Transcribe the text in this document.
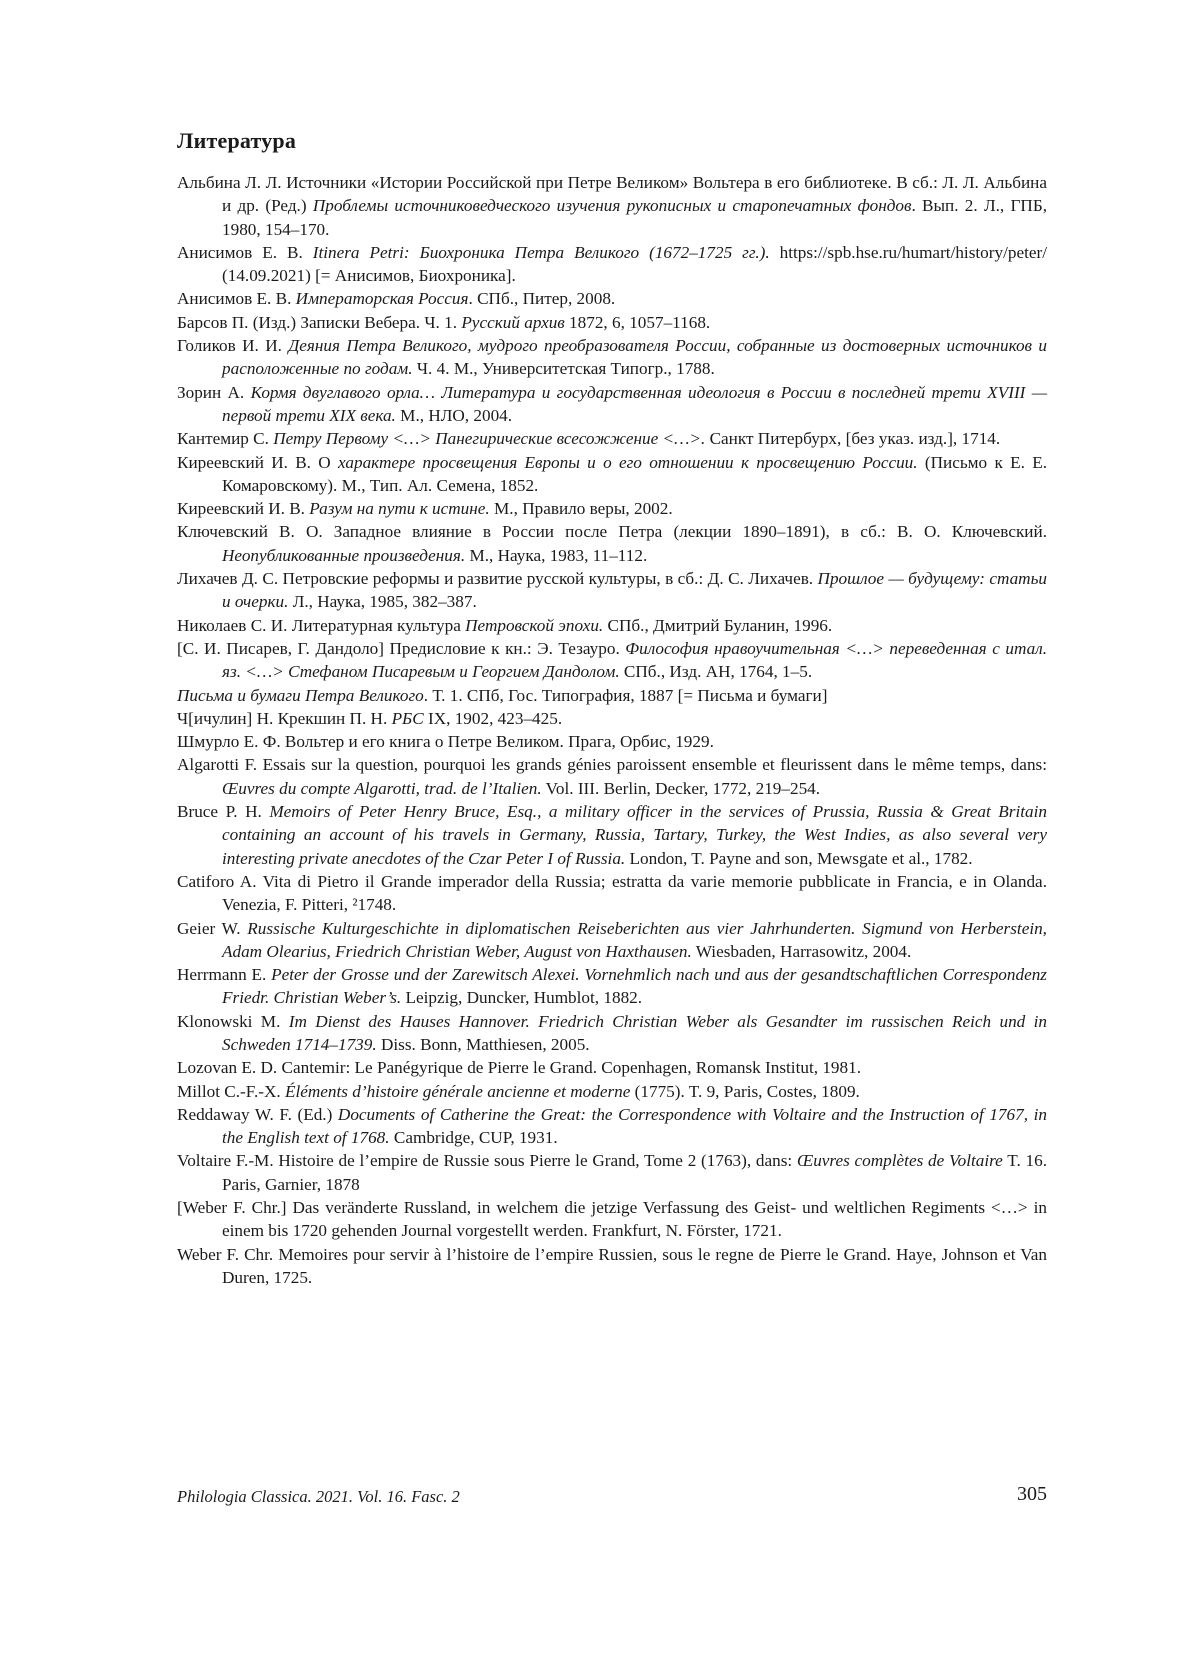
Литература
Альбина Л. Л. Источники «Истории Российской при Петре Великом» Вольтера в его библиотеке. В сб.: Л. Л. Альбина и др. (Ред.) Проблемы источниковедческого изучения рукописных и старопечатных фондов. Вып. 2. Л., ГПБ, 1980, 154–170.
Анисимов Е. В. Itinera Petri: Биохроника Петра Великого (1672–1725 гг.). https://spb.hse.ru/humart/history/peter/ (14.09.2021) [= Анисимов, Биохроника].
Анисимов Е. В. Императорская Россия. СПб., Питер, 2008.
Барсов П. (Изд.) Записки Вебера. Ч. 1. Русский архив 1872, 6, 1057–1168.
Голиков И. И. Деяния Петра Великого, мудрого преобразователя России, собранные из достоверных источников и расположенные по годам. Ч. 4. М., Университетская Типогр., 1788.
Зорин А. Кормя двуглавого орла… Литература и государственная идеология в России в последней трети XVIII — первой трети XIX века. М., НЛО, 2004.
Кантемир С. Петру Первому <…> Панегирические всесожжение <…>. Санкт Питербурх, [без указ. изд.], 1714.
Киреевский И. В. О характере просвещения Европы и о его отношении к просвещению России. (Письмо к Е. Е. Комаровскому). М., Тип. Ал. Семена, 1852.
Киреевский И. В. Разум на пути к истине. М., Правило веры, 2002.
Ключевский В. О. Западное влияние в России после Петра (лекции 1890–1891), в сб.: В. О. Ключевский. Неопубликованные произведения. М., Наука, 1983, 11–112.
Лихачев Д. С. Петровские реформы и развитие русской культуры, в сб.: Д. С. Лихачев. Прошлое — будущему: статьи и очерки. Л., Наука, 1985, 382–387.
Николаев С. И. Литературная культура Петровской эпохи. СПб., Дмитрий Буланин, 1996.
[С. И. Писарев, Г. Дандоло] Предисловие к кн.: Э. Тезауро. Философия нравоучительная <…> переведенная с итал. яз. <…> Стефаном Писаревым и Георгием Дандолом. СПб., Изд. АН, 1764, 1–5.
Письма и бумаги Петра Великого. Т. 1. СПб, Гос. Типография, 1887 [= Письма и бумаги]
Ч[ичулин] Н. Крекшин П. Н. РБС IX, 1902, 423–425.
Шмурло Е. Ф. Вольтер и его книга о Петре Великом. Прага, Орбис, 1929.
Algarotti F. Essais sur la question, pourquoi les grands génies paroissent ensemble et fleurissent dans le même temps, dans: Œuvres du compte Algarotti, trad. de l’Italien. Vol. III. Berlin, Decker, 1772, 219–254.
Bruce P. H. Memoirs of Peter Henry Bruce, Esq., a military officer in the services of Prussia, Russia & Great Britain containing an account of his travels in Germany, Russia, Tartary, Turkey, the West Indies, as also several very interesting private anecdotes of the Czar Peter I of Russia. London, T. Payne and son, Mewsgate et al., 1782.
Catiforo A. Vita di Pietro il Grande imperador della Russia; estratta da varie memorie pubblicate in Francia, e in Olanda. Venezia, F. Pitteri, ²1748.
Geier W. Russische Kulturgeschichte in diplomatischen Reiseberichten aus vier Jahrhunderten. Sigmund von Herberstein, Adam Olearius, Friedrich Christian Weber, August von Haxthausen. Wiesbaden, Harrasowitz, 2004.
Herrmann E. Peter der Grosse und der Zarewitsch Alexei. Vornehmlich nach und aus der gesandtschaftlichen Correspondenz Friedr. Christian Weber’s. Leipzig, Duncker, Humblot, 1882.
Klonowski M. Im Dienst des Hauses Hannover. Friedrich Christian Weber als Gesandter im russischen Reich und in Schweden 1714–1739. Diss. Bonn, Matthiesen, 2005.
Lozovan E. D. Cantemir: Le Panégyrique de Pierre le Grand. Copenhagen, Romansk Institut, 1981.
Millot C.-F.-X. Éléments d’histoire générale ancienne et moderne (1775). T. 9, Paris, Costes, 1809.
Reddaway W. F. (Ed.) Documents of Catherine the Great: the Correspondence with Voltaire and the Instruction of 1767, in the English text of 1768. Cambridge, CUP, 1931.
Voltaire F.-M. Histoire de l’empire de Russie sous Pierre le Grand, Tome 2 (1763), dans: Œuvres complètes de Voltaire T. 16. Paris, Garnier, 1878
[Weber F. Chr.] Das veränderte Russland, in welchem die jetzige Verfassung des Geist- und weltlichen Regiments <…> in einem bis 1720 gehenden Journal vorgestellt werden. Frankfurt, N. Förster, 1721.
Weber F. Chr. Memoires pour servir à l’histoire de l’empire Russien, sous le regne de Pierre le Grand. Haye, Johnson et Van Duren, 1725.
Philologia Classica. 2021. Vol. 16. Fasc. 2	305
